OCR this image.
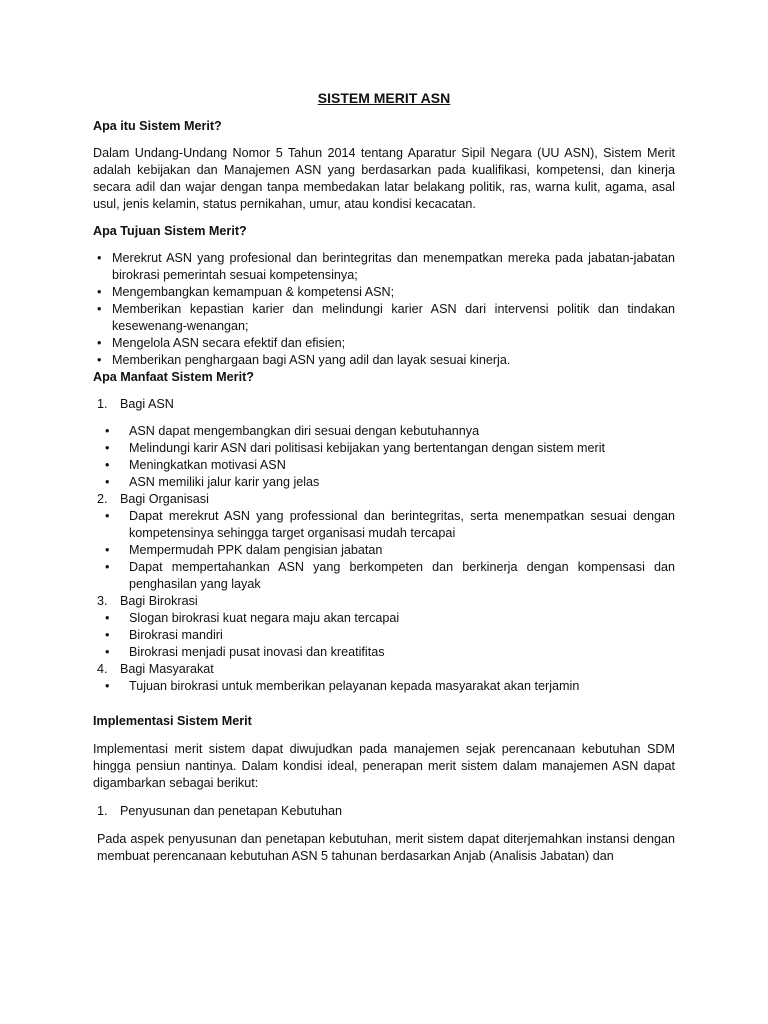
SISTEM MERIT ASN
Apa itu Sistem Merit?

Dalam Undang-Undang Nomor 5 Tahun 2014 tentang Aparatur Sipil Negara (UU ASN), Sistem Merit adalah kebijakan dan Manajemen ASN yang berdasarkan pada kualifikasi, kompetensi, dan kinerja secara adil dan wajar dengan tanpa membedakan latar belakang politik, ras, warna kulit, agama, asal usul, jenis kelamin, status pernikahan, umur, atau kondisi kecacatan.

Apa Tujuan Sistem Merit?
• Merekrut ASN yang profesional dan berintegritas dan menempatkan mereka pada jabatan-jabatan birokrasi pemerintah sesuai kompetensinya;
• Mengembangkan kemampuan & kompetensi ASN;
• Memberikan kepastian karier dan melindungi karier ASN dari intervensi politik dan tindakan kesewenang-wenangan;
• Mengelola ASN secara efektif dan efisien;
• Memberikan penghargaan bagi ASN yang adil dan layak sesuai kinerja.
Apa Manfaat Sistem Merit?
1. Bagi ASN
• ASN dapat mengembangkan diri sesuai dengan kebutuhannya
• Melindungi karir ASN dari politisasi kebijakan yang bertentangan dengan sistem merit
• Meningkatkan motivasi ASN
• ASN memiliki jalur karir yang jelas
2. Bagi Organisasi
• Dapat merekrut ASN yang professional dan berintegritas, serta menempatkan sesuai dengan kompetensinya sehingga target organisasi mudah tercapai
• Mempermudah PPK dalam pengisian jabatan
• Dapat mempertahankan ASN yang berkompeten dan berkinerja dengan kompensasi dan penghasilan yang layak
3. Bagi Birokrasi
• Slogan birokrasi kuat negara maju akan tercapai
• Birokrasi mandiri
• Birokrasi menjadi pusat inovasi dan kreatifitas
4. Bagi Masyarakat
• Tujuan birokrasi untuk memberikan pelayanan kepada masyarakat akan terjamin
Implementasi Sistem Merit

Implementasi merit sistem dapat diwujudkan pada manajemen sejak perencanaan kebutuhan SDM hingga pensiun nantinya. Dalam kondisi ideal, penerapan merit sistem dalam manajemen ASN dapat digambarkan sebagai berikut:

1. Penyusunan dan penetapan Kebutuhan

Pada aspek penyusunan dan penetapan kebutuhan, merit sistem dapat diterjemahkan instansi dengan membuat perencanaan kebutuhan ASN 5 tahunan berdasarkan Anjab (Analisis Jabatan) dan
